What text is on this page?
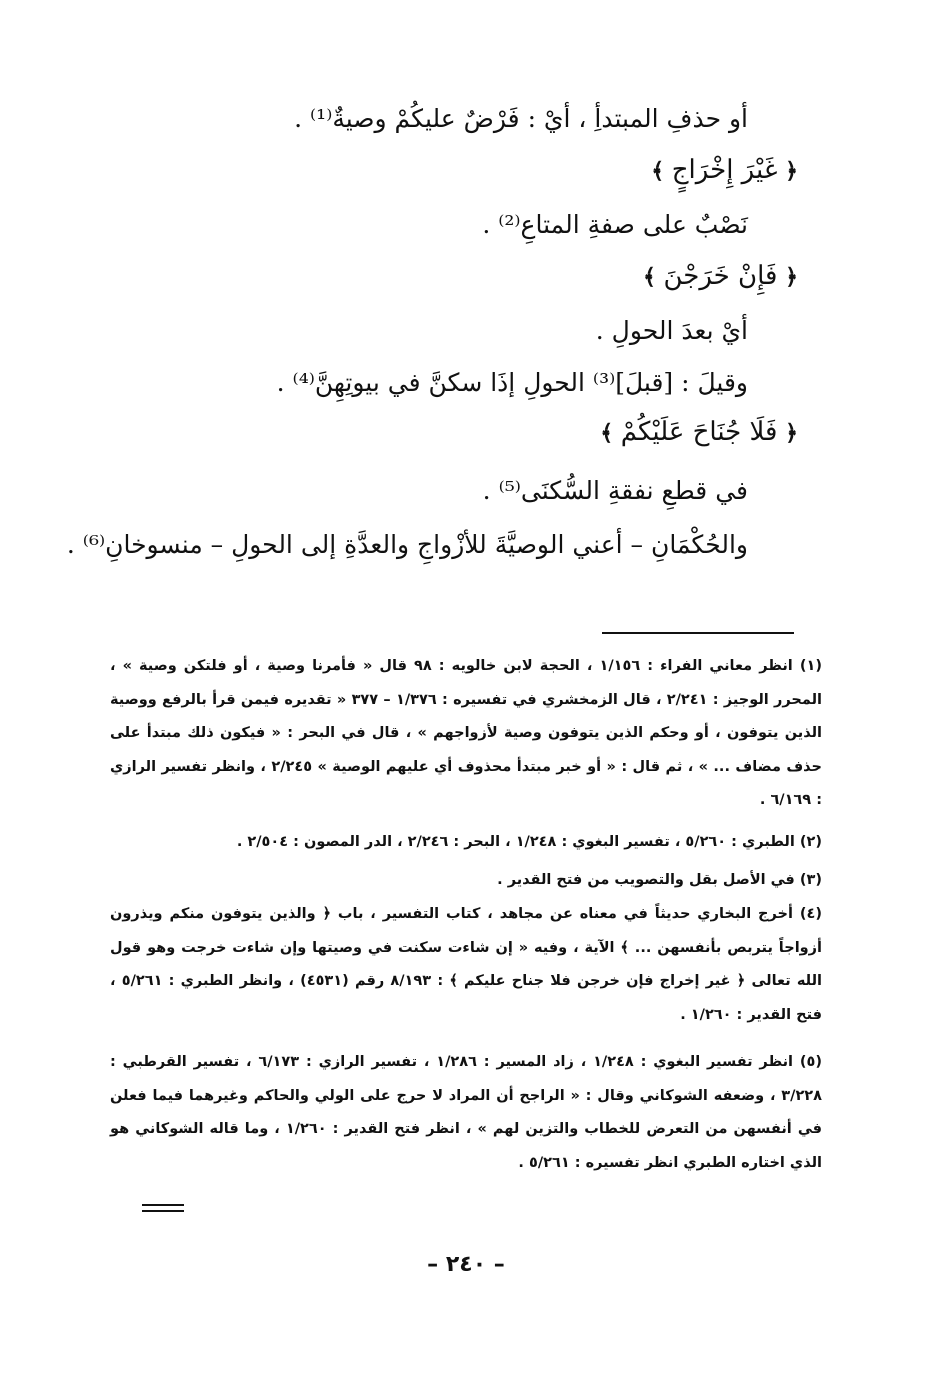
أو حذفِ المبتدأِ ، أيْ : فَرْضٌ عليكُمْ وصيةٌ⁽¹⁾ .
﴿ غَيْرَ إِخْرَاجٍ ﴾
نَصْبٌ على صفةِ المتاعِ⁽²⁾ .
﴿ فَإِنْ خَرَجْنَ ﴾
أيْ بعدَ الحولِ .
وقيلَ : [قبلَ]⁽³⁾ الحولِ إذَا سكنَّ في بيوتِهِنَّ⁽⁴⁾ .
﴿ فَلَا جُنَاحَ عَلَيْكُمْ ﴾
في قطعِ نفقةِ السُّكنَى⁽⁵⁾ .
والحُكْمَانِ – أعني الوصيَّةَ للأزْواجِ والعدَّةِ إلى الحولِ – منسوخانِ⁽⁶⁾ .
(١) انظر معاني الفراء : ١/١٥٦ ، الحجة لابن خالويه : ٩٨ قال « فأمرنا وصية ، أو فلتكن وصية » ، المحرر الوجيز : ٢/٢٤١ ، قال الزمخشري في تفسيره : ١/٣٧٦ – ٣٧٧ « تقديره فيمن قرأ بالرفع ووصية الذين يتوفون ، أو وحكم الذين يتوفون وصية لأزواجهم » ، قال في البحر : « فيكون ذلك مبتدأ على حذف مضاف ... » ، ثم قال : « أو خبر مبتدأ محذوف أي عليهم الوصية » ٢/٢٤٥ ، وانظر تفسير الرازي : ٦/١٦٩ .
(٢) الطبري : ٥/٢٦٠ ، تفسير البغوي : ١/٢٤٨ ، البحر : ٢/٢٤٦ ، الدر المصون : ٢/٥٠٤ .
(٣) في الأصل بقل والتصويب من فتح القدير .
(٤) أخرج البخاري حديثاً في معناه عن مجاهد ، كتاب التفسير ، باب ﴿ والذين يتوفون منكم ويذرون أزواجاً يتربص بأنفسهن ... ﴾ الآية ، وفيه « إن شاءت سكنت في وصيتها وإن شاءت خرجت وهو قول الله تعالى ﴿ غير إخراج فإن خرجن فلا جناح عليكم ﴾ : ٨/١٩٣ رقم (٤٥٣١) ، وانظر الطبري : ٥/٢٦١ ، فتح القدير : ١/٢٦٠ .
(٥) انظر تفسير البغوي : ١/٢٤٨ ، زاد المسير : ١/٢٨٦ ، تفسير الرازي : ٦/١٧٣ ، تفسير القرطبي : ٣/٢٢٨ ، وضعفه الشوكاني وقال : « الراجح أن المراد لا حرج على الولي والحاكم وغيرهما فيما فعلن في أنفسهن من التعرض للخطاب والتزين لهم » ، انظر فتح القدير : ١/٢٦٠ ، وما قاله الشوكاني هو الذي اختاره الطبري انظر تفسيره : ٥/٢٦١ .
– ٢٤٠ –
